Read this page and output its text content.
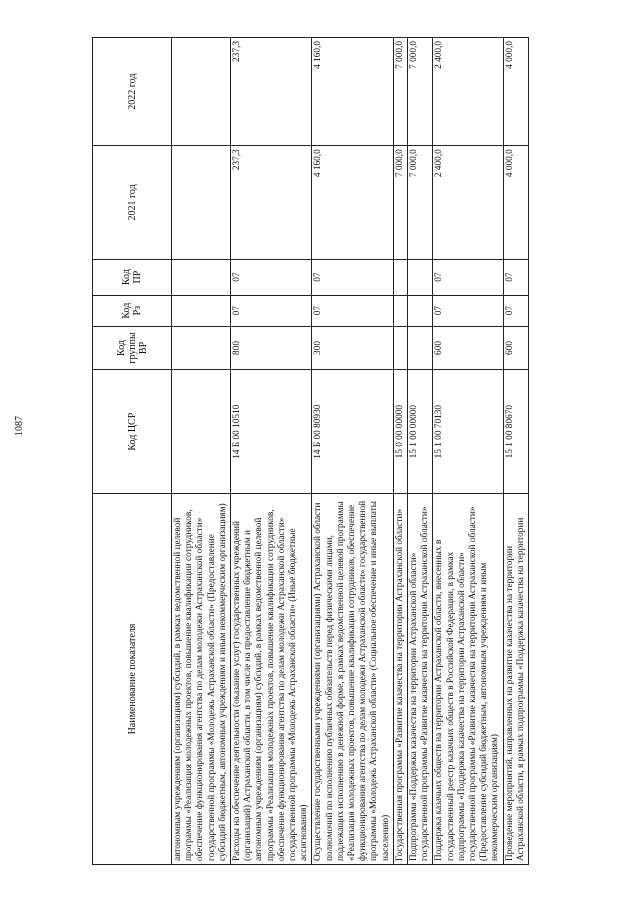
1087
Наименование показателя	Код ЦСР	Код группы ВР	Код Рз	Код ПР	2021 год	2022 год
автономным учреждениям (организациям) субсидий, в рамках ведомственной целевой программы «Реализация молодежных проектов, повышение квалификации сотрудников, обеспечение функционирования агентства по делам молодежи Астраханской области» государственной программы «Молодежь Астраханской области» (Предоставление субсидий бюджетным, автономным учреждениям и иным некоммерческим организациям)						
Расходы на обеспечение деятельности (оказание услуг) государственных учреждений (организаций) Астраханской области, в том числе на предоставление бюджетным и автономным учреждениям (организациям) субсидий, в рамках ведомственной целевой программы «Реализация молодежных проектов, повышение квалификации сотрудников, обеспечение функционирования агентства по делам молодежи Астраханской области» государственной программы «Молодежь Астраханской области» (Иные бюджетные ассигнования)	14 Б 00 10510	800	07	07	237,3	237,3
Осуществление государственными учреждениями (организациями) Астраханской области полномочий по исполнению публичных обязательств перед физическими лицами, подлежащих исполнению в денежной форме, в рамках ведомственной целевой программы «Реализация молодежных проектов, повышение квалификации сотрудников, обеспечение функционирования агентства по делам молодежи Астраханской области» государственной программы «Молодежь Астраханской области» (Социальное обеспечение и иные выплаты населению)	14 Б 00 80930	300	07	07	4 160,0	4 160,0
Государственная программа «Развитие казачества на территории Астраханской области»	15 0 00 00000				7 000,0	7 000,0
Подпрограмма «Поддержка казачества на территории Астраханской области» государственной программы «Развитие казачества на территории Астраханской области»	15 1 00 00000				7 000,0	7 000,0
Поддержка казачьих обществ на территории Астраханской области, внесенных в государственный реестр казачьих обществ в Российской Федерации, в рамках подпрограммы «Поддержка казачества на территории Астраханской области» государственной программы «Развитие казачества на территории Астраханской области» (Предоставление субсидий бюджетным, автономным учреждениям и иным некоммерческим организациям)	15 1 00 70130	600	07	07	2 400,0	2 400,0
Проведение мероприятий, направленных на развитие казачества на территории Астраханской области, в рамках подпрограммы «Поддержка казачества на территории	15 1 00 80670	600	07	07	4 000,0	4 000,0
